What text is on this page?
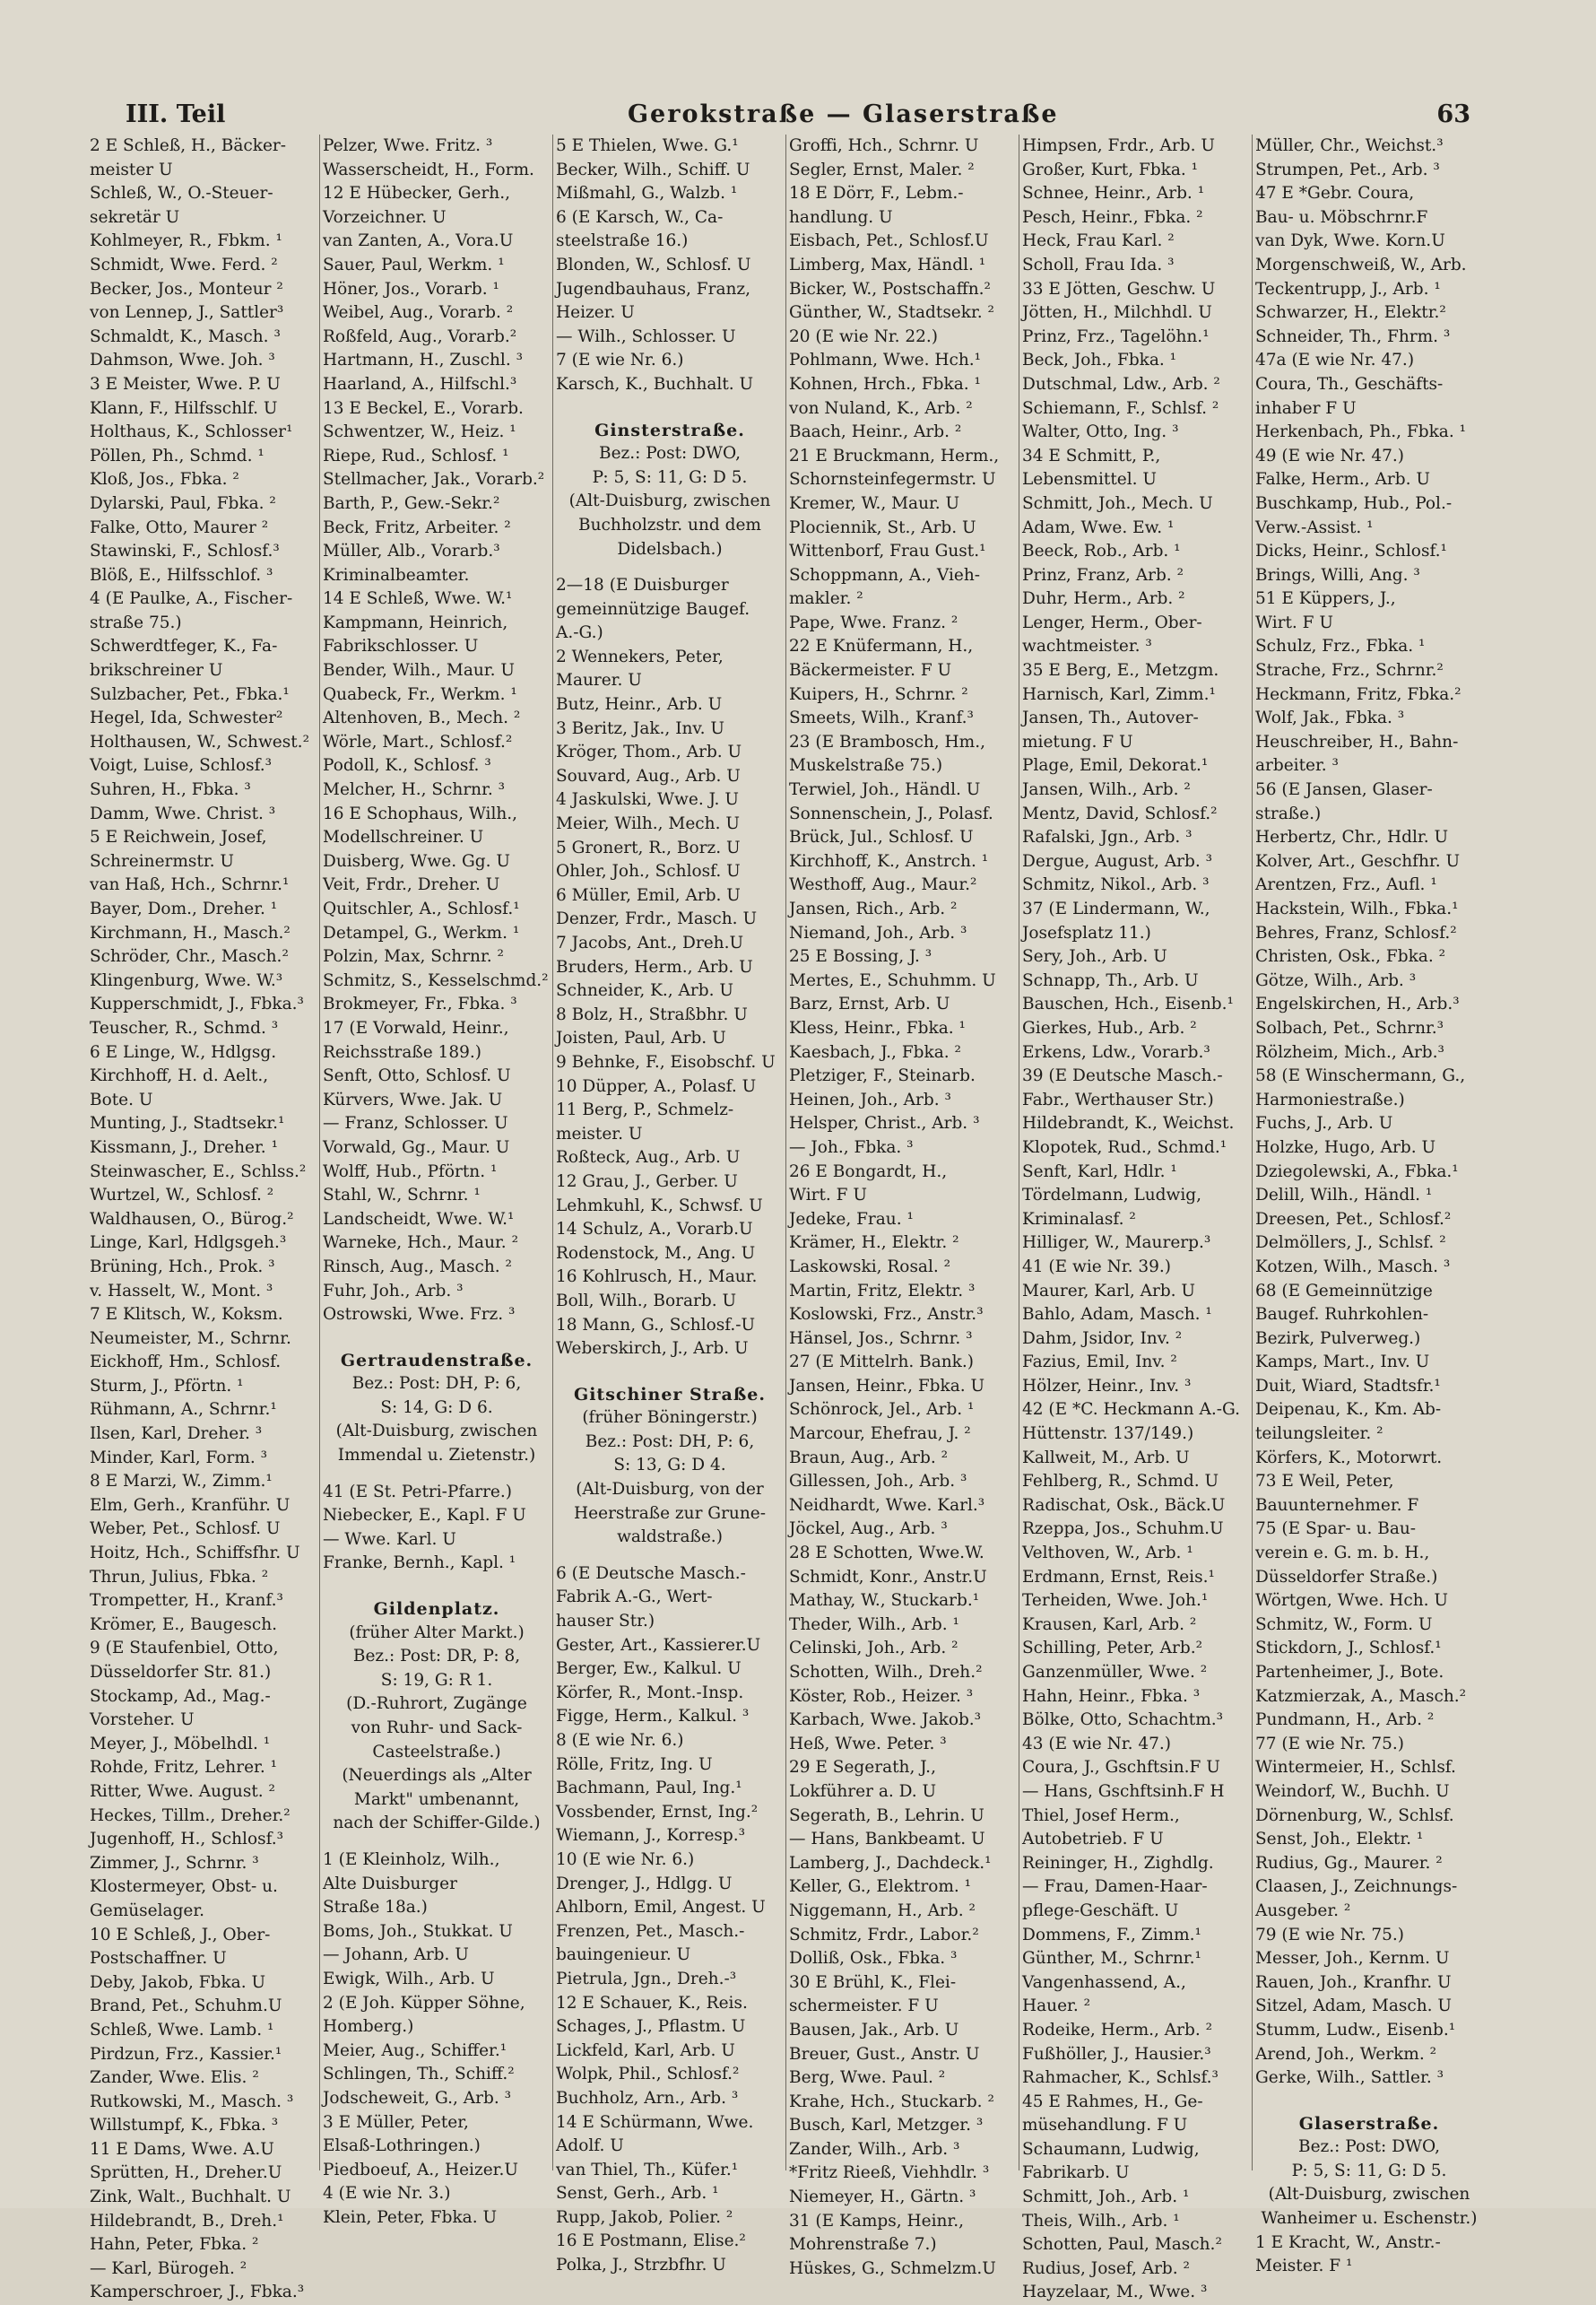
III. Teil	Gerokstraße — Glaserstraße	63
2 E Schleß, H., Bäcker-
meister U
Schleß, W., O.-Steuer-
sekretär U
Kohlmeyer, R., Fbkm. ¹
Schmidt, Wwe. Ferd. ²
Becker, Jos., Monteur ²
von Lennep, J., Sattler³
Schmaldt, K., Masch. ³
Dahmson, Wwe. Joh. ³
3 E Meister, Wwe. P. U
Klann, F., Hilfsschlf. U
Holthaus, K., Schlosser¹
Pöllen, Ph., Schmd. ¹
Kloß, Jos., Fbka. ²
Dylarski, Paul, Fbka. ²
Falke, Otto, Maurer ²
Stawinski, F., Schlosf.³
Blöß, E., Hilfsschlof. ³
4 (E Paulke, A., Fischer-
straße 75.)
Schwerdtfeger, K., Fa-
brikschreiner U
Sulzbacher, Pet., Fbka.¹
Hegel, Ida, Schwester²
Holthausen, W., Schwest.²
Voigt, Luise, Schlosf.³
Suhren, H., Fbka. ³
Damm, Wwe. Christ. ³
5 E Reichwein, Josef,
Schreinermstr. U
van Haß, Hch., Schrnr.¹
Bayer, Dom., Dreher. ¹
Kirchmann, H., Masch.²
Schröder, Chr., Masch.²
Klingenburg, Wwe. W.³
Kupperschmidt, J., Fbka.³
Teuscher, R., Schmd. ³
6 E Linge, W., Hdlgsg.
Kirchhoff, H. d. Aelt.,
Bote. U
Munting, J., Stadtsekr.¹
Kissmann, J., Dreher. ¹
Steinwascher, E., Schlss.²
Wurtzel, W., Schlosf. ²
Waldhausen, O., Bürog.²
Linge, Karl, Hdlgsgeh.³
Brüning, Hch., Prok. ³
v. Hasselt, W., Mont. ³
7 E Klitsch, W., Koksm.
Neumeister, M., Schrnr.
Eickhoff, Hm., Schlosf.
Sturm, J., Pförtn. ¹
Rühmann, A., Schrnr.¹
Ilsen, Karl, Dreher. ³
Minder, Karl, Form. ³
8 E Marzi, W., Zimm.¹
Elm, Gerh., Kranführ. U
Weber, Pet., Schlosf. U
Hoitz, Hch., Schiffsfhr. U
Thrun, Julius, Fbka. ²
Trompetter, H., Kranf.³
Krömer, E., Baugesch.
9 (E Staufenbiel, Otto,
Düsseldorfer Str. 81.)
Stockamp, Ad., Mag.-
Vorsteher. U
Meyer, J., Möbelhdl. ¹
Rohde, Fritz, Lehrer. ¹
Ritter, Wwe. August. ²
Heckes, Tillm., Dreher.²
Jugenhoff, H., Schlosf.³
Zimmer, J., Schrnr. ³
Klostermeyer, Obst- u.
Gemüselager.
10 E Schleß, J., Ober-
Postschaffner. U
Deby, Jakob, Fbka. U
Brand, Pet., Schuhm.U
Schleß, Wwe. Lamb. ¹
Pirdzun, Frz., Kassier.¹
Zander, Wwe. Elis. ²
Rutkowski, M., Masch. ³
Willstumpf, K., Fbka. ³
11 E Dams, Wwe. A.U
Sprütten, H., Dreher.U
Zink, Walt., Buchhalt. U
Hildebrandt, B., Dreh.¹
Hahn, Peter, Fbka. ²
— Karl, Bürogeh. ²
Kamperschroer, J., Fbka.³
Pelzer, Wwe. Fritz. ³
Wasserscheidt, H., Form.
12 E Hübecker, Gerh.,
Vorzeichner. U
van Zanten, A., Vora.U
Sauer, Paul, Werkm. ¹
Höner, Jos., Vorarb. ¹
Weibel, Aug., Vorarb. ²
Roßfeld, Aug., Vorarb.²
Hartmann, H., Zuschl. ³
Haarland, A., Hilfschl.³
13 E Beckel, E., Vorarb.
Schwentzer, W., Heiz. ¹
Riepe, Rud., Schlosf. ¹
Stellmacher, Jak., Vorarb.²
Barth, P., Gew.-Sekr.²
Beck, Fritz, Arbeiter. ²
Müller, Alb., Vorarb.³
Kriminalbeamter.
14 E Schleß, Wwe. W.¹
Kampmann, Heinrich,
Fabrikschlosser. U
Bender, Wilh., Maur. U
Quabeck, Fr., Werkm. ¹
Altenhoven, B., Mech. ²
Wörle, Mart., Schlosf.²
Podoll, K., Schlosf. ³
Melcher, H., Schrnr. ³
16 E Schophaus, Wilh.,
Modellschreiner. U
Duisberg, Wwe. Gg. U
Veit, Frdr., Dreher. U
Quitschler, A., Schlosf.¹
Detampel, G., Werkm. ¹
Polzin, Max, Schrnr. ²
Schmitz, S., Kesselschmd.²
Brokmeyer, Fr., Fbka. ³
17 (E Vorwald, Heinr.,
Reichsstraße 189.)
Senft, Otto, Schlosf. U
Kürvers, Wwe. Jak. U
— Franz, Schlosser. U
Vorwald, Gg., Maur. U
Wolff, Hub., Pförtn. ¹
Stahl, W., Schrnr. ¹
Landscheidt, Wwe. W.¹
Warneke, Hch., Maur. ²
Rinsch, Aug., Masch. ²
Fuhr, Joh., Arb. ³
Ostrowski, Wwe. Frz. ³
Gertraudenstraße.
Bez.: Post: DH, P: 6,
S: 14, G: D 6.
(Alt-Duisburg, zwischen
Immendal u. Zietenstr.)
41 (E St. Petri-Pfarre.)
Niebecker, E., Kapl. F U
— Wwe. Karl. U
Franke, Bernh., Kapl. ¹
Gildenplatz.
(früher Alter Markt.)
Bez.: Post: DR, P: 8,
S: 19, G: R 1.
(D.-Ruhrort, Zugänge
von Ruhr- und Sack-
Casteelstraße.)
(Neuerdings als „Alter
Markt" umbenannt,
nach der Schiffer-Gilde.)
1 (E Kleinholz, Wilh.,
Alte Duisburger
Straße 18a.)
Boms, Joh., Stukkat. U
— Johann, Arb. U
Ewigk, Wilh., Arb. U
2 (E Joh. Küpper Söhne,
Homberg.)
Meier, Aug., Schiffer.¹
Schlingen, Th., Schiff.²
Jodscheweit, G., Arb. ³
3 E Müller, Peter,
Elsaß-Lothringen.)
Piedboeuf, A., Heizer.U
4 (E wie Nr. 3.)
Klein, Peter, Fbka. U
5 E Thielen, Wwe. G.¹
Becker, Wilh., Schiff. U
Mißmahl, G., Walzb. ¹
6 (E Karsch, W., Ca-
steelstraße 16.)
Blonden, W., Schlosf. U
Jugendbauhaus, Franz,
Heizer. U
— Wilh., Schlosser. U
7 (E wie Nr. 6.)
Karsch, K., Buchhalt. U
Ginsterstraße.
Bez.: Post: DWO,
P: 5, S: 11, G: D 5.
(Alt-Duisburg, zwischen
Buchholzstr. und dem
Didelsbach.)
2—18 (E Duisburger
gemeinnützige Baugef.
A.-G.)
2 Wennekers, Peter,
Maurer. U
Butz, Heinr., Arb. U
3 Beritz, Jak., Inv. U
Kröger, Thom., Arb. U
Souvard, Aug., Arb. U
4 Jaskulski, Wwe. J. U
Meier, Wilh., Mech. U
5 Gronert, R., Borz. U
Ohler, Joh., Schlosf. U
6 Müller, Emil, Arb. U
Denzer, Frdr., Masch. U
7 Jacobs, Ant., Dreh.U
Bruders, Herm., Arb. U
Schneider, K., Arb. U
8 Bolz, H., Straßbhr. U
Joisten, Paul, Arb. U
9 Behnke, F., Eisobschf. U
10 Düpper, A., Polasf. U
11 Berg, P., Schmelz-
meister. U
Roßteck, Aug., Arb. U
12 Grau, J., Gerber. U
Lehmkuhl, K., Schwsf. U
14 Schulz, A., Vorarb.U
Rodenstock, M., Ang. U
16 Kohlrusch, H., Maur.
Boll, Wilh., Borarb. U
18 Mann, G., Schlosf.-U
Weberskirch, J., Arb. U
Gitschiner Straße.
(früher Böningerstr.)
Bez.: Post: DH, P: 6,
S: 13, G: D 4.
(Alt-Duisburg, von der
Heerstraße zur Grune-
waldstraße.)
6 (E Deutsche Masch.-
Fabrik A.-G., Wert-
hauser Str.)
Gester, Art., Kassierer.U
Berger, Ew., Kalkul. U
Körfer, R., Mont.-Insp.
Figge, Herm., Kalkul. ³
8 (E wie Nr. 6.)
Rölle, Fritz, Ing. U
Bachmann, Paul, Ing.¹
Vossbender, Ernst, Ing.²
Wiemann, J., Korresp.³
10 (E wie Nr. 6.)
Drenger, J., Hdlgg. U
Ahlborn, Emil, Angest. U
Frenzen, Pet., Masch.-
bauingenieur. U
Pietrula, Jgn., Dreh.-³
12 E Schauer, K., Reis.
Schages, J., Pflastm. U
Lickfeld, Karl, Arb. U
Wolpk, Phil., Schlosf.²
Buchholz, Arn., Arb. ³
14 E Schürmann, Wwe.
Adolf. U
van Thiel, Th., Küfer.¹
Senst, Gerh., Arb. ¹
Rupp, Jakob, Polier. ²
16 E Postmann, Elise.²
Polka, J., Strzbfhr. U
Groffi, Hch., Schrnr. U
Segler, Ernst, Maler. ²
18 E Dörr, F., Lebm.-
handlung. U
Eisbach, Pet., Schlosf.U
Limberg, Max, Händl. ¹
Bicker, W., Postschaffn.²
Günther, W., Stadtsekr. ²
20 (E wie Nr. 22.)
Pohlmann, Wwe. Hch.¹
Kohnen, Hrch., Fbka. ¹
von Nuland, K., Arb. ²
Baach, Heinr., Arb. ²
21 E Bruckmann, Herm.,
Schornsteinfegermstr. U
Kremer, W., Maur. U
Plociennik, St., Arb. U
Wittenborf, Frau Gust.¹
Schoppmann, A., Vieh-
makler. ²
Pape, Wwe. Franz. ²
22 E Knüfermann, H.,
Bäckermeister. F U
Kuipers, H., Schrnr. ²
Smeets, Wilh., Kranf.³
23 (E Brambosch, Hm.,
Muskelstraße 75.)
Terwiel, Joh., Händl. U
Sonnenschein, J., Polasf.
Brück, Jul., Schlosf. U
Kirchhoff, K., Anstrch. ¹
Westhoff, Aug., Maur.²
Jansen, Rich., Arb. ²
Niemand, Joh., Arb. ³
25 E Bossing, J. ³
Mertes, E., Schuhmm. U
Barz, Ernst, Arb. U
Kless, Heinr., Fbka. ¹
Kaesbach, J., Fbka. ²
Pletziger, F., Steinarb.
Heinen, Joh., Arb. ³
Helsper, Christ., Arb. ³
— Joh., Fbka. ³
26 E Bongardt, H.,
Wirt. F U
Jedeke, Frau. ¹
Krämer, H., Elektr. ²
Laskowski, Rosal. ²
Martin, Fritz, Elektr. ³
Koslowski, Frz., Anstr.³
Hänsel, Jos., Schrnr. ³
27 (E Mittelrh. Bank.)
Jansen, Heinr., Fbka. U
Schönrock, Jel., Arb. ¹
Marcour, Ehefrau, J. ²
Braun, Aug., Arb. ²
Gillessen, Joh., Arb. ³
Neidhardt, Wwe. Karl.³
Jöckel, Aug., Arb. ³
28 E Schotten, Wwe.W.
Schmidt, Konr., Anstr.U
Mathay, W., Stuckarb.¹
Theder, Wilh., Arb. ¹
Celinski, Joh., Arb. ²
Schotten, Wilh., Dreh.²
Köster, Rob., Heizer. ³
Karbach, Wwe. Jakob.³
Heß, Wwe. Peter. ³
29 E Segerath, J.,
Lokführer a. D. U
Segerath, B., Lehrin. U
— Hans, Bankbeamt. U
Lamberg, J., Dachdeck.¹
Keller, G., Elektrom. ¹
Niggemann, H., Arb. ²
Schmitz, Frdr., Labor.²
Dolliß, Osk., Fbka. ³
30 E Brühl, K., Flei-
schermeister. F U
Bausen, Jak., Arb. U
Breuer, Gust., Anstr. U
Berg, Wwe. Paul. ²
Krahe, Hch., Stuckarb. ²
Busch, Karl, Metzger. ³
Zander, Wilh., Arb. ³
*Fritz Rieeß, Viehhdlr. ³
Niemeyer, H., Gärtn. ³
31 (E Kamps, Heinr.,
Mohrenstraße 7.)
Hüskes, G., Schmelzm.U
Himpsen, Frdr., Arb. U
Großer, Kurt, Fbka. ¹
Schnee, Heinr., Arb. ¹
Pesch, Heinr., Fbka. ²
Heck, Frau Karl. ²
Scholl, Frau Ida. ³
33 E Jötten, Geschw. U
Jötten, H., Milchhdl. U
Prinz, Frz., Tagelöhn.¹
Beck, Joh., Fbka. ¹
Dutschmal, Ldw., Arb. ²
Schiemann, F., Schlsf. ²
Walter, Otto, Ing. ³
34 E Schmitt, P.,
Lebensmittel. U
Schmitt, Joh., Mech. U
Adam, Wwe. Ew. ¹
Beeck, Rob., Arb. ¹
Prinz, Franz, Arb. ²
Duhr, Herm., Arb. ²
Lenger, Herm., Ober-
wachtmeister. ³
35 E Berg, E., Metzgm.
Harnisch, Karl, Zimm.¹
Jansen, Th., Autover-
mietung. F U
Plage, Emil, Dekorat.¹
Jansen, Wilh., Arb. ²
Mentz, David, Schlosf.²
Rafalski, Jgn., Arb. ³
Dergue, August, Arb. ³
Schmitz, Nikol., Arb. ³
37 (E Lindermann, W.,
Josefsplatz 11.)
Sery, Joh., Arb. U
Schnapp, Th., Arb. U
Bauschen, Hch., Eisenb.¹
Gierkes, Hub., Arb. ²
Erkens, Ldw., Vorarb.³
39 (E Deutsche Masch.-
Fabr., Werthauser Str.)
Hildebrandt, K., Weichst.
Klopotek, Rud., Schmd.¹
Senft, Karl, Hdlr. ¹
Tördelmann, Ludwig,
Kriminalasf. ²
Hilliger, W., Maurerp.³
41 (E wie Nr. 39.)
Maurer, Karl, Arb. U
Bahlo, Adam, Masch. ¹
Dahm, Jsidor, Inv. ²
Fazius, Emil, Inv. ²
Hölzer, Heinr., Inv. ³
42 (E *C. Heckmann A.-G.
Hüttenstr. 137/149.)
Kallweit, M., Arb. U
Fehlberg, R., Schmd. U
Radischat, Osk., Bäck.U
Rzeppa, Jos., Schuhm.U
Velthoven, W., Arb. ¹
Erdmann, Ernst, Reis.¹
Terheiden, Wwe. Joh.¹
Krausen, Karl, Arb. ²
Schilling, Peter, Arb.²
Ganzenmüller, Wwe. ²
Hahn, Heinr., Fbka. ³
Bölke, Otto, Schachtm.³
43 (E wie Nr. 47.)
Coura, J., Gschftsin.F U
— Hans, Gschftsinh.F H
Thiel, Josef Herm.,
Autobetrieb. F U
Reininger, H., Zighdlg.
— Frau, Damen-Haar-
pflege-Geschäft. U
Dommens, F., Zimm.¹
Günther, M., Schrnr.¹
Vangenhassend, A.,
Hauer. ²
Rodeike, Herm., Arb. ²
Fußhöller, J., Hausier.³
Rahmacher, K., Schlsf.³
45 E Rahmes, H., Ge-
müsehandlung. F U
Schaumann, Ludwig,
Fabrikarb. U
Schmitt, Joh., Arb. ¹
Theis, Wilh., Arb. ¹
Schotten, Paul, Masch.²
Rudius, Josef, Arb. ²
Hayzelaar, M., Wwe. ³
Müller, Chr., Weichst.³
Strumpen, Pet., Arb. ³
47 E *Gebr. Coura,
Bau- u. Möbschrnr.F
van Dyk, Wwe. Korn.U
Morgenschweiß, W., Arb.
Teckentrupp, J., Arb. ¹
Schwarzer, H., Elektr.²
Schneider, Th., Fhrm. ³
47a (E wie Nr. 47.)
Coura, Th., Geschäfts-
inhaber F U
Herkenbach, Ph., Fbka. ¹
49 (E wie Nr. 47.)
Falke, Herm., Arb. U
Buschkamp, Hub., Pol.-
Verw.-Assist. ¹
Dicks, Heinr., Schlosf.¹
Brings, Willi, Ang. ³
51 E Küppers, J.,
Wirt. F U
Schulz, Frz., Fbka. ¹
Strache, Frz., Schrnr.²
Heckmann, Fritz, Fbka.²
Wolf, Jak., Fbka. ³
Heuschreiber, H., Bahn-
arbeiter. ³
56 (E Jansen, Glaser-
straße.)
Herbertz, Chr., Hdlr. U
Kolver, Art., Geschfhr. U
Arentzen, Frz., Aufl. ¹
Hackstein, Wilh., Fbka.¹
Behres, Franz, Schlosf.²
Christen, Osk., Fbka. ²
Götze, Wilh., Arb. ³
Engelskirchen, H., Arb.³
Solbach, Pet., Schrnr.³
Rölzheim, Mich., Arb.³
58 (E Winschermann, G.,
Harmoniestraße.)
Fuchs, J., Arb. U
Holzke, Hugo, Arb. U
Dziegolewski, A., Fbka.¹
Delill, Wilh., Händl. ¹
Dreesen, Pet., Schlosf.²
Delmöllers, J., Schlsf. ²
Kotzen, Wilh., Masch. ³
68 (E Gemeinnützige
Baugef. Ruhrkohlen-
Bezirk, Pulverweg.)
Kamps, Mart., Inv. U
Duit, Wiard, Stadtsfr.¹
Deipenau, K., Km. Ab-
teilungsleiter. ²
Körfers, K., Motorwrt.
73 E Weil, Peter,
Bauunternehmer. F
75 (E Spar- u. Bau-
verein e. G. m. b. H.,
Düsseldorfer Straße.)
Wörtgen, Wwe. Hch. U
Schmitz, W., Form. U
Stickdorn, J., Schlosf.¹
Partenheimer, J., Bote.
Katzmierzak, A., Masch.²
Pundmann, H., Arb. ²
77 (E wie Nr. 75.)
Wintermeier, H., Schlsf.
Weindorf, W., Buchh. U
Dörnenburg, W., Schlsf.
Senst, Joh., Elektr. ¹
Rudius, Gg., Maurer. ²
Claasen, J., Zeichnungs-
Ausgeber. ²
79 (E wie Nr. 75.)
Messer, Joh., Kernm. U
Rauen, Joh., Kranfhr. U
Sitzel, Adam, Masch. U
Stumm, Ludw., Eisenb.¹
Arend, Joh., Werkm. ²
Gerke, Wilh., Sattler. ³
Glaserstraße.
Bez.: Post: DWO,
P: 5, S: 11, G: D 5.
(Alt-Duisburg, zwischen
Wanheimer u. Eschenstr.)
1 E Kracht, W., Anstr.-
Meister. F ¹
